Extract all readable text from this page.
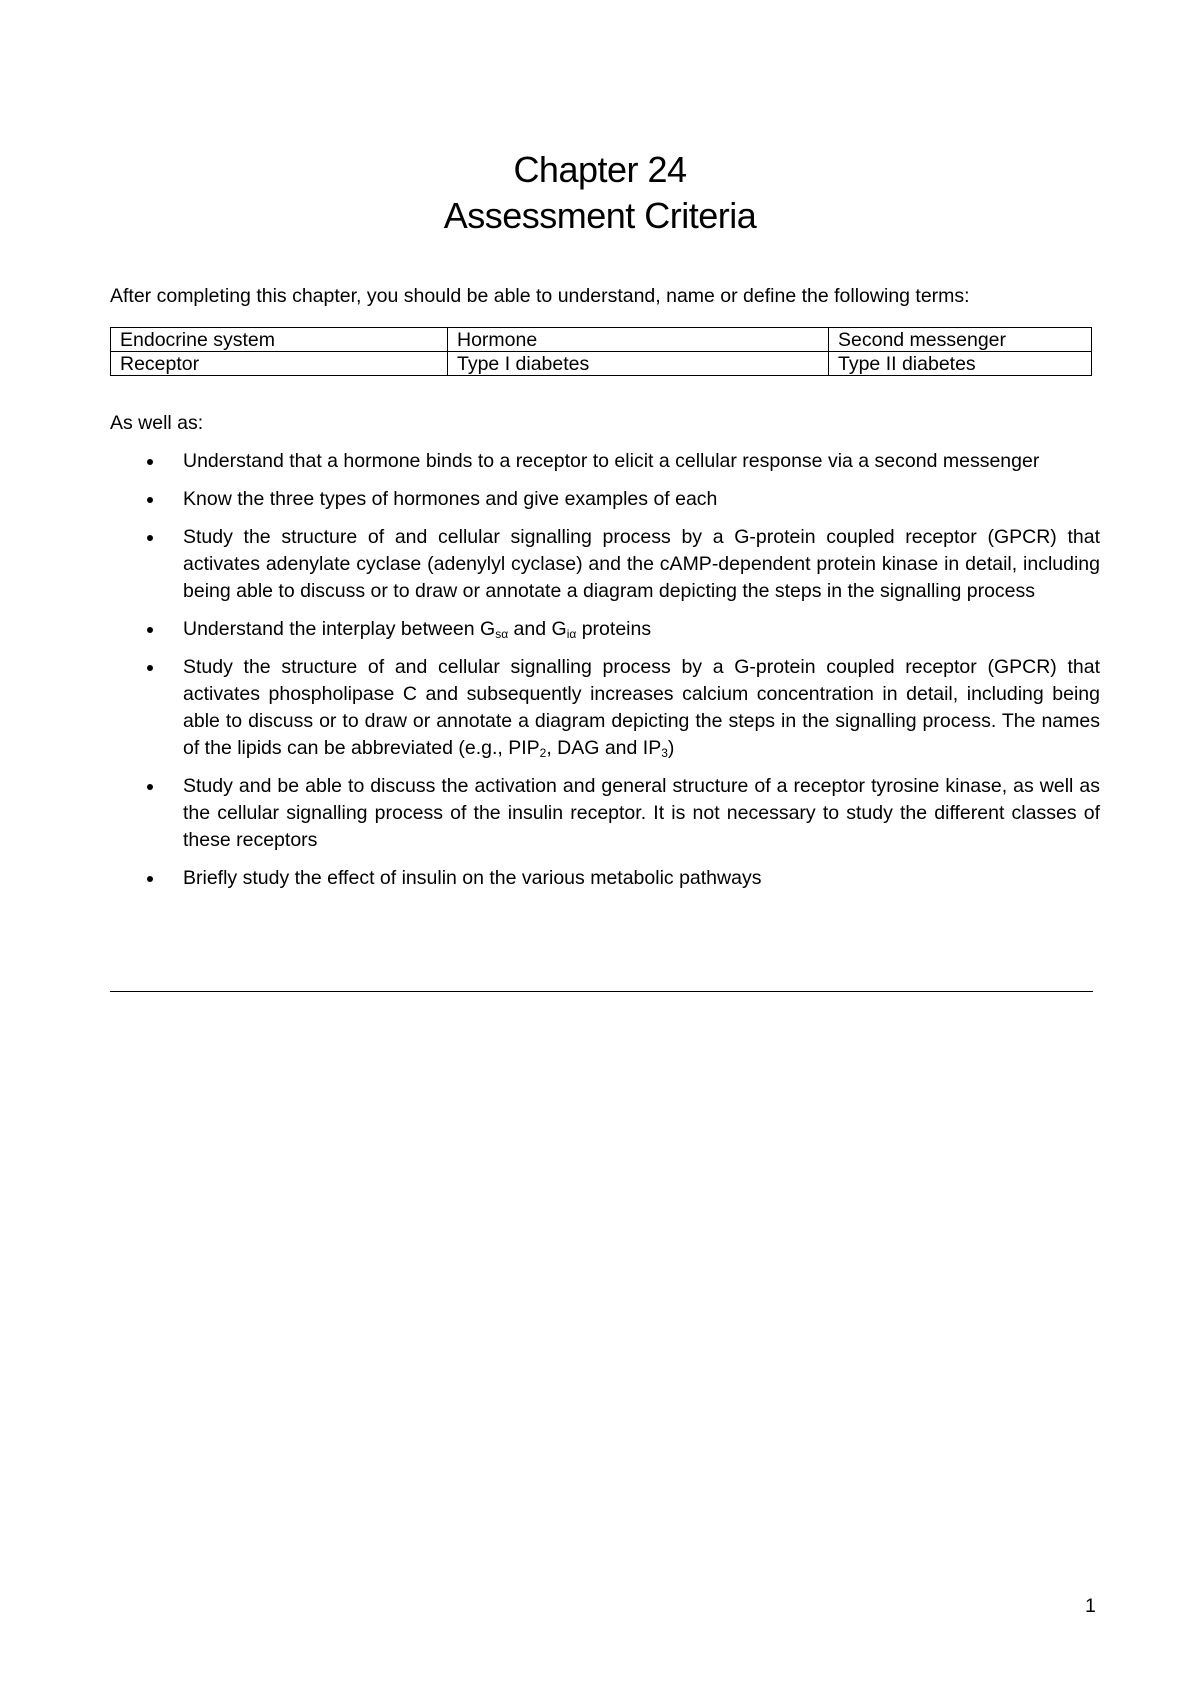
Chapter 24
Assessment Criteria
After completing this chapter, you should be able to understand, name or define the following terms:
Endocrine system	Hormone	Second messenger
Receptor	Type I diabetes	Type II diabetes
As well as:
Understand that a hormone binds to a receptor to elicit a cellular response via a second messenger
Know the three types of hormones and give examples of each
Study the structure of and cellular signalling process by a G-protein coupled receptor (GPCR) that activates adenylate cyclase (adenylyl cyclase) and the cAMP-dependent protein kinase in detail, including being able to discuss or to draw or annotate a diagram depicting the steps in the signalling process
Understand the interplay between $G_{s\alpha}$ and $G_{i\alpha}$ proteins
Study the structure of and cellular signalling process by a G-protein coupled receptor (GPCR) that activates phospholipase C and subsequently increases calcium concentration in detail, including being able to discuss or to draw or annotate a diagram depicting the steps in the signalling process. The names of the lipids can be abbreviated (e.g., $PIP_2$, DAG and $IP_3$)
Study and be able to discuss the activation and general structure of a receptor tyrosine kinase, as well as the cellular signalling process of the insulin receptor. It is not necessary to study the different classes of these receptors
Briefly study the effect of insulin on the various metabolic pathways
1
